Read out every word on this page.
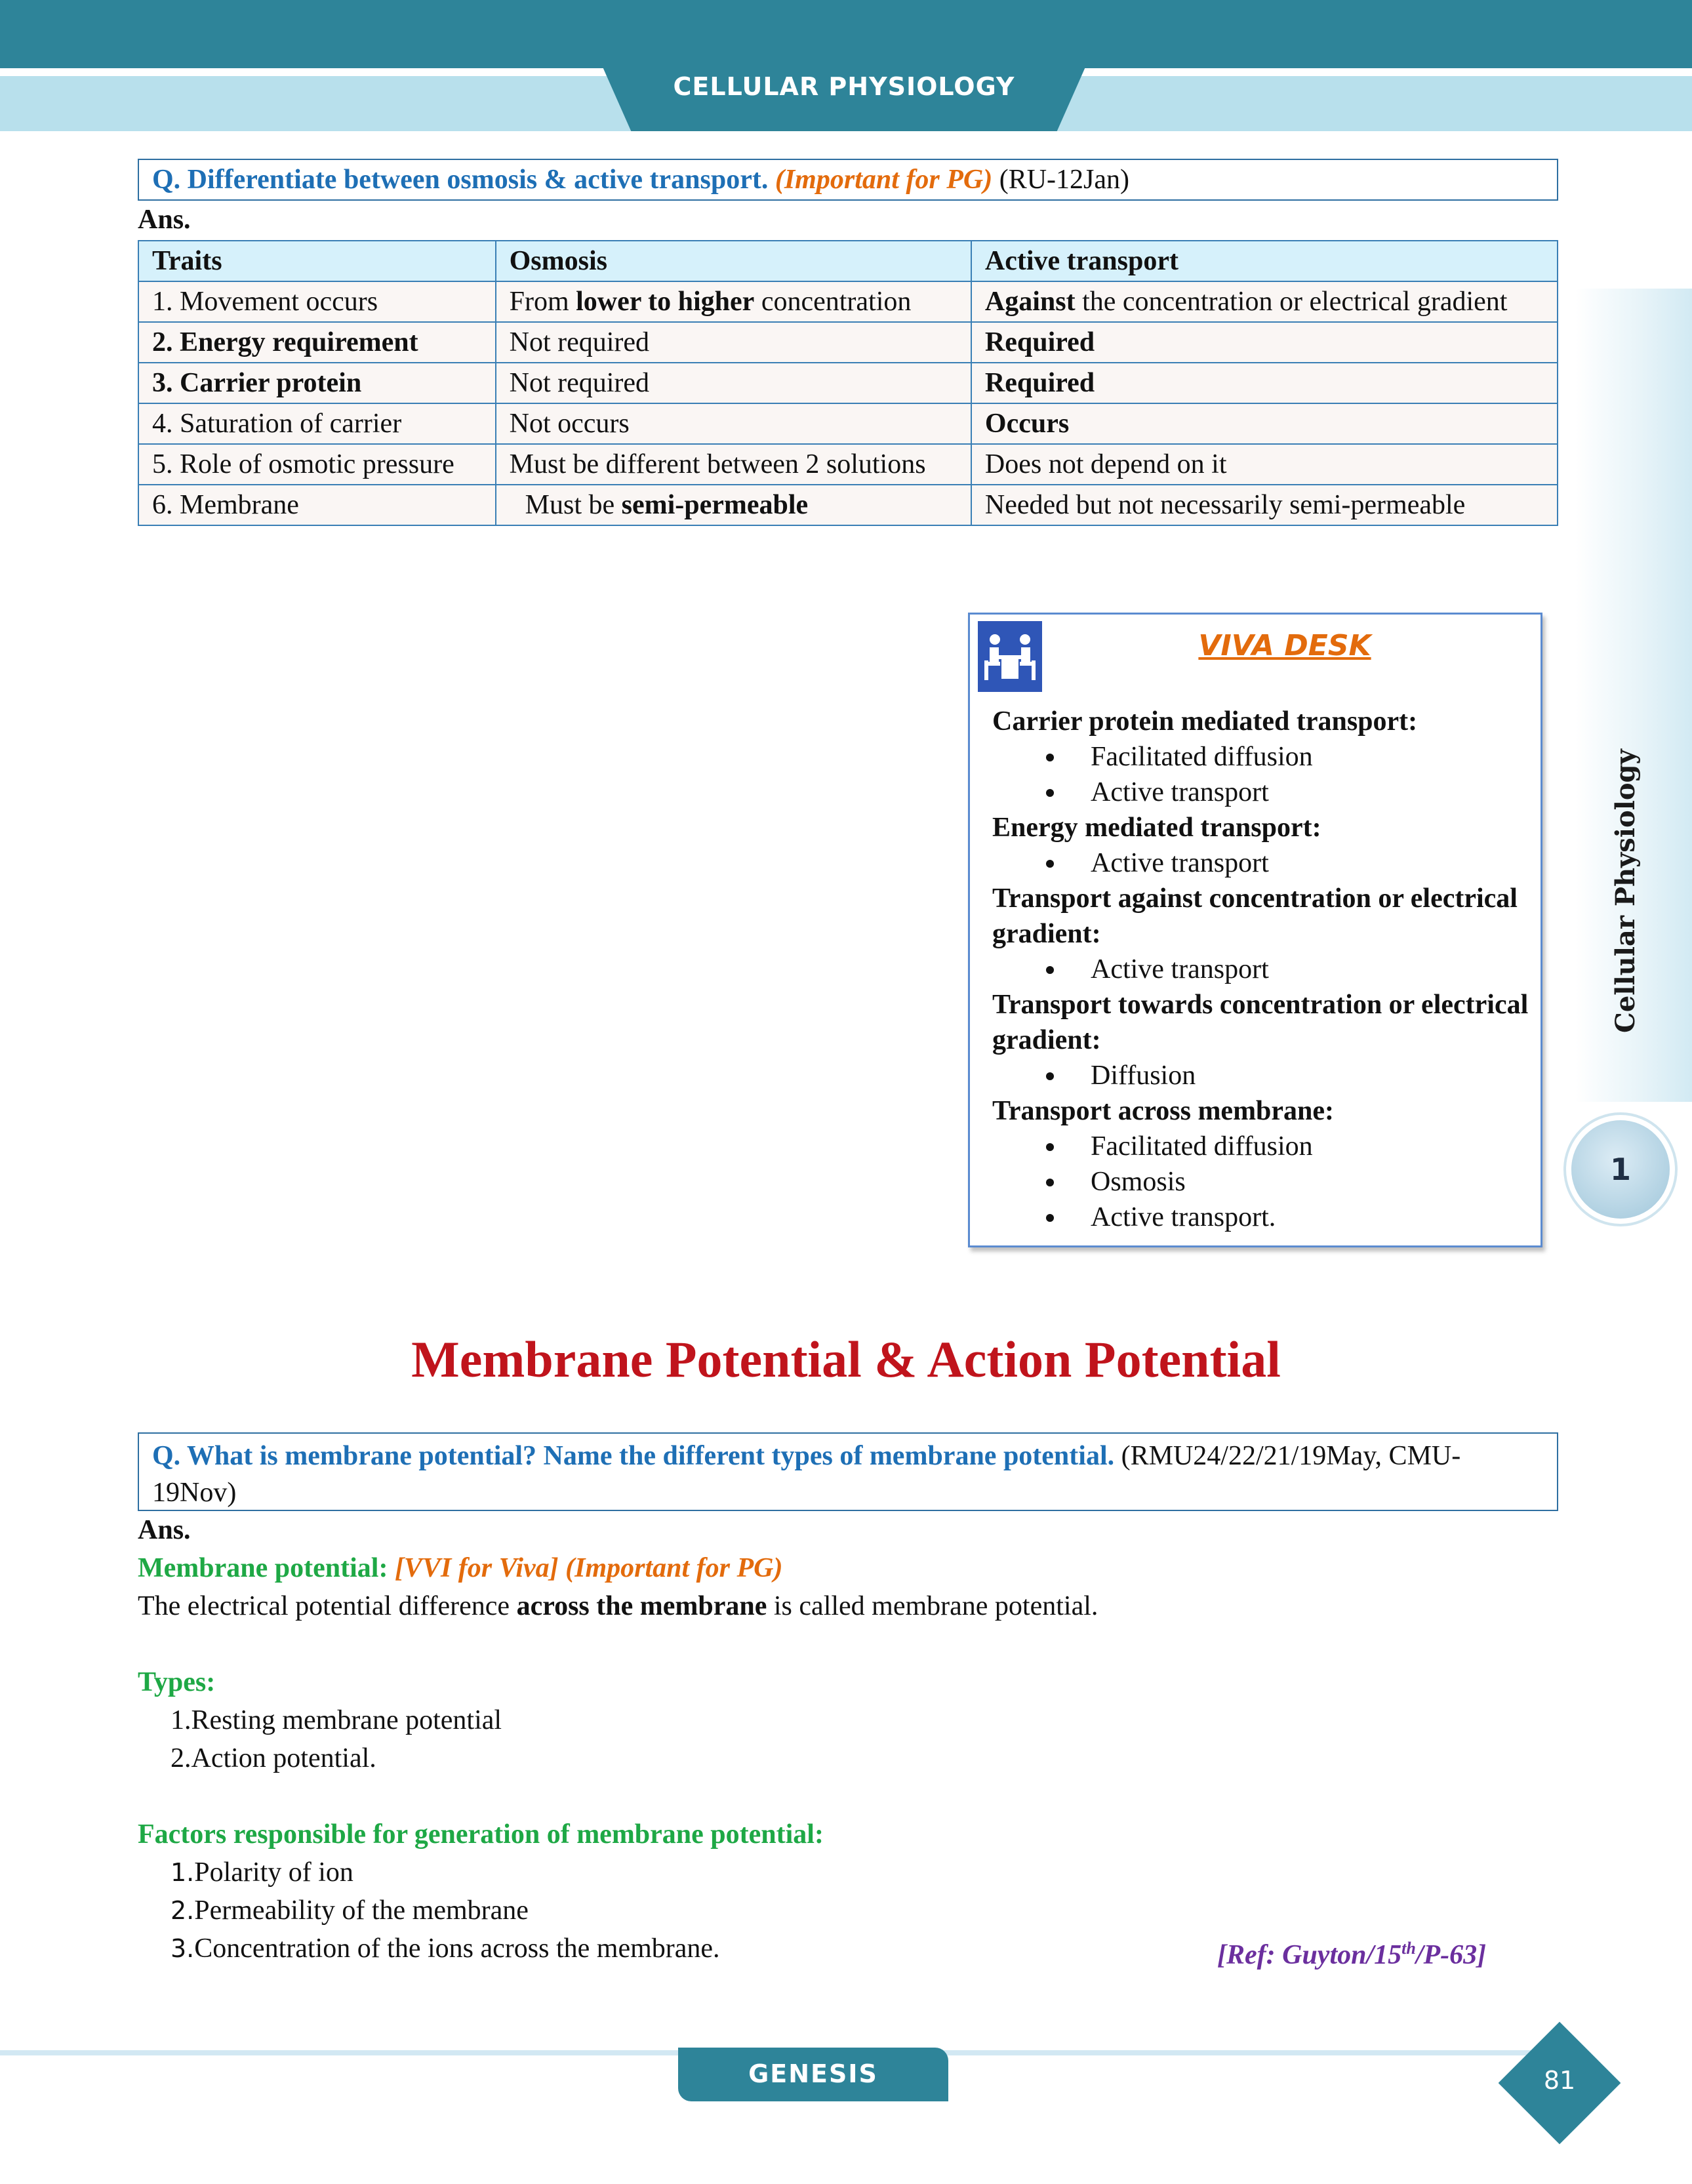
CELLULAR PHYSIOLOGY
Cellular Physiology
1
Q. Differentiate between osmosis & active transport. (Important for PG) (RU-12Jan)
Ans.
Traits	Osmosis	Active transport
1. Movement occurs	From lower to higher concentration	Against the concentration or electrical gradient
2. Energy requirement	Not required	Required
3. Carrier protein	Not required	Required
4. Saturation of carrier	Not occurs	Occurs
5. Role of osmotic pressure	Must be different between 2 solutions	Does not depend on it
6. Membrane	Must be semi-permeable	Needed but not necessarily semi-permeable
VIVA DESK
Carrier protein mediated transport:
Facilitated diffusion
Active transport
Energy mediated transport:
Active transport
Transport against concentration or electrical gradient:
Active transport
Transport towards concentration or electrical gradient:
Diffusion
Transport across membrane:
Facilitated diffusion
Osmosis
Active transport.
Membrane Potential & Action Potential
Q. What is membrane potential? Name the different types of membrane potential. (RMU24/22/21/19May, CMU-19Nov)
Ans.
Membrane potential: [VVI for Viva] (Important for PG)
The electrical potential difference across the membrane is called membrane potential.
Types:
1.Resting membrane potential
2.Action potential.
Factors responsible for generation of membrane potential:
1.Polarity of ion
2.Permeability of the membrane
3.Concentration of the ions across the membrane.	[Ref: Guyton/15th/P-63]
GENESIS	81
